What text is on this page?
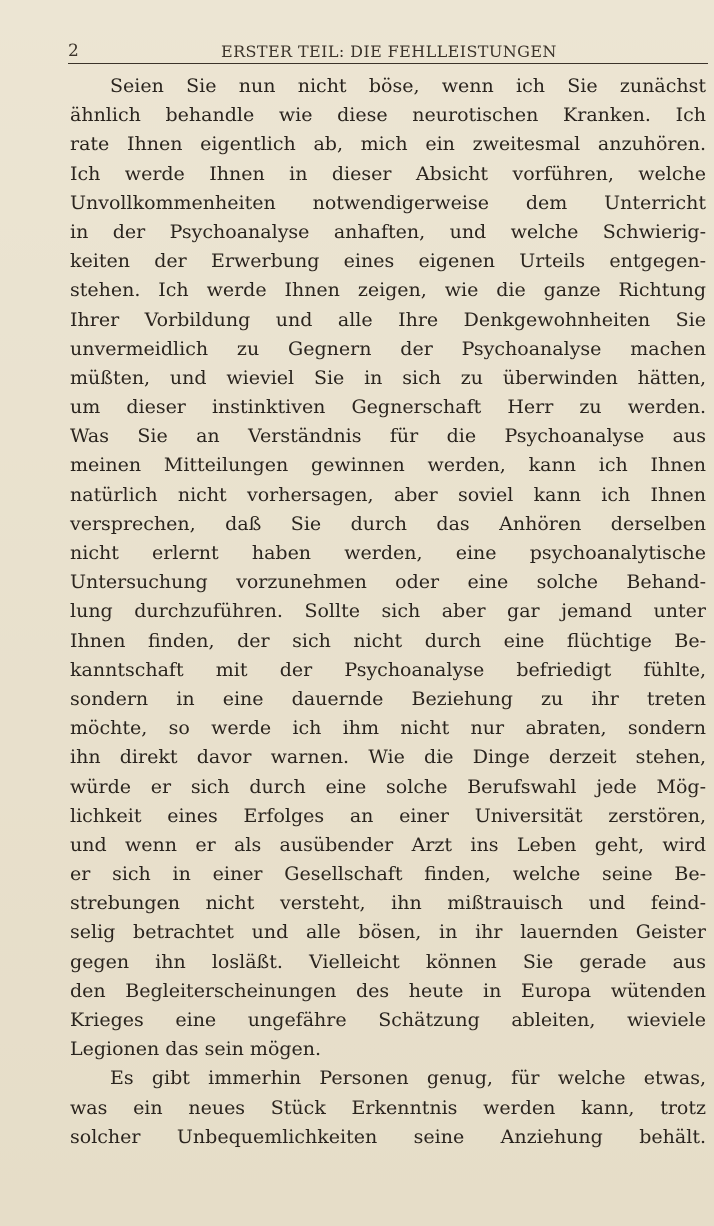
2	ERSTER TEIL: DIE FEHLLEISTUNGEN
Seien Sie nun nicht böse, wenn ich Sie zunächst
ähnlich behandle wie diese neurotischen Kranken. Ich
rate Ihnen eigentlich ab, mich ein zweitesmal anzuhören.
Ich werde Ihnen in dieser Absicht vorführen, welche
Unvollkommenheiten notwendigerweise dem Unterricht
in der Psychoanalyse anhaften, und welche Schwierig-
keiten der Erwerbung eines eigenen Urteils entgegen-
stehen. Ich werde Ihnen zeigen, wie die ganze Richtung
Ihrer Vorbildung und alle Ihre Denkgewohnheiten Sie
unvermeidlich zu Gegnern der Psychoanalyse machen
müßten, und wieviel Sie in sich zu überwinden hätten,
um dieser instinktiven Gegnerschaft Herr zu werden.
Was Sie an Verständnis für die Psychoanalyse aus
meinen Mitteilungen gewinnen werden, kann ich Ihnen
natürlich nicht vorhersagen, aber soviel kann ich Ihnen
versprechen, daß Sie durch das Anhören derselben
nicht erlernt haben werden, eine psychoanalytische
Untersuchung vorzunehmen oder eine solche Behand-
lung durchzuführen. Sollte sich aber gar jemand unter
Ihnen finden, der sich nicht durch eine flüchtige Be-
kanntschaft mit der Psychoanalyse befriedigt fühlte,
sondern in eine dauernde Beziehung zu ihr treten
möchte, so werde ich ihm nicht nur abraten, sondern
ihn direkt davor warnen. Wie die Dinge derzeit stehen,
würde er sich durch eine solche Berufswahl jede Mög-
lichkeit eines Erfolges an einer Universität zerstören,
und wenn er als ausübender Arzt ins Leben geht, wird
er sich in einer Gesellschaft finden, welche seine Be-
strebungen nicht versteht, ihn mißtrauisch und feind-
selig betrachtet und alle bösen, in ihr lauernden Geister
gegen ihn losläßt. Vielleicht können Sie gerade aus
den Begleiterscheinungen des heute in Europa wütenden
Krieges eine ungefähre Schätzung ableiten, wieviele
Legionen das sein mögen.
Es gibt immerhin Personen genug, für welche etwas,
was ein neues Stück Erkenntnis werden kann, trotz
solcher Unbequemlichkeiten seine Anziehung behält.
